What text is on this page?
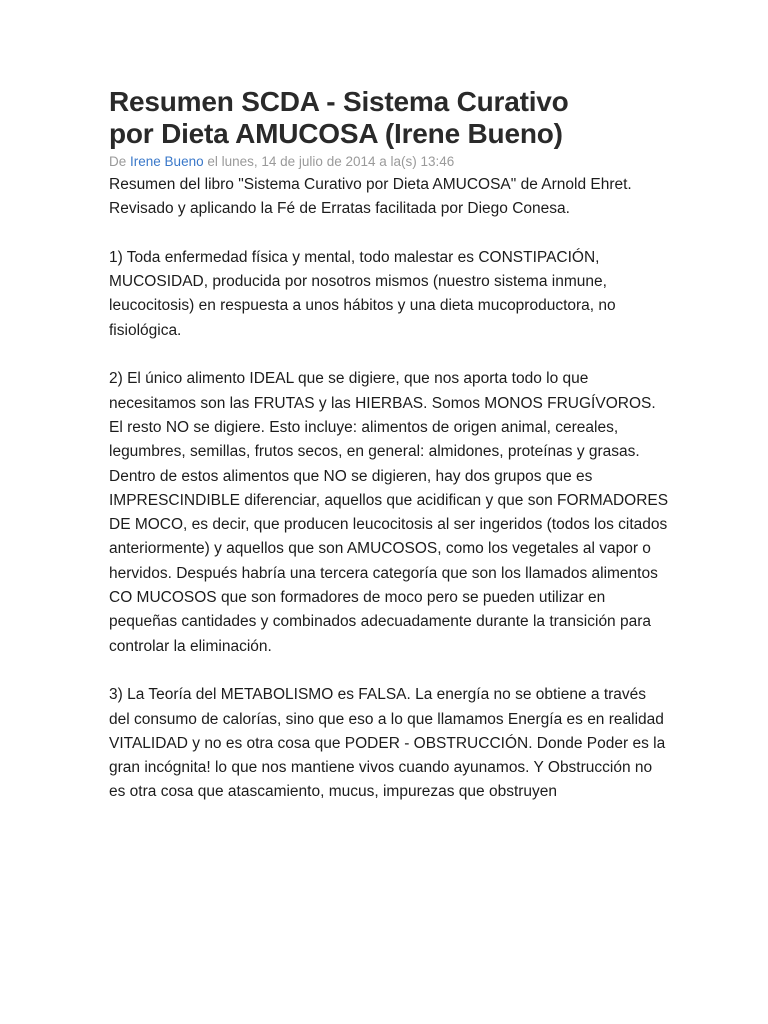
Resumen SCDA - Sistema Curativo
por Dieta AMUCOSA (Irene Bueno)
De Irene Bueno el lunes, 14 de julio de 2014 a la(s) 13:46

Resumen del libro "Sistema Curativo por Dieta AMUCOSA" de Arnold Ehret. Revisado y aplicando la Fé de Erratas facilitada por Diego Conesa.

1) Toda enfermedad física y mental, todo malestar es CONSTIPACIÓN, MUCOSIDAD, producida por nosotros mismos (nuestro sistema inmune, leucocitosis) en respuesta a unos hábitos y una dieta mucoproductora, no fisiológica.

2) El único alimento IDEAL que se digiere, que nos aporta todo lo que necesitamos son las FRUTAS y las HIERBAS. Somos MONOS FRUGÍVOROS. El resto NO se digiere. Esto incluye: alimentos de origen animal, cereales, legumbres, semillas, frutos secos, en general: almidones, proteínas y grasas. Dentro de estos alimentos que NO se digieren, hay dos grupos que es IMPRESCINDIBLE diferenciar, aquellos que acidifican y que son FORMADORES DE MOCO, es decir, que producen leucocitosis al ser ingeridos (todos los citados anteriormente) y aquellos que son AMUCOSOS, como los vegetales al vapor o hervidos. Después habría una tercera categoría que son los llamados alimentos CO MUCOSOS que son formadores de moco pero se pueden utilizar en pequeñas cantidades y combinados adecuadamente durante la transición para controlar la eliminación.

3) La Teoría del METABOLISMO es FALSA. La energía no se obtiene a través del consumo de calorías, sino que eso a lo que llamamos Energía es en realidad VITALIDAD y no es otra cosa que PODER - OBSTRUCCIÓN. Donde Poder es la gran incógnita! lo que nos mantiene vivos cuando ayunamos. Y Obstrucción no es otra cosa que atascamiento, mucus, impurezas que obstruyen
